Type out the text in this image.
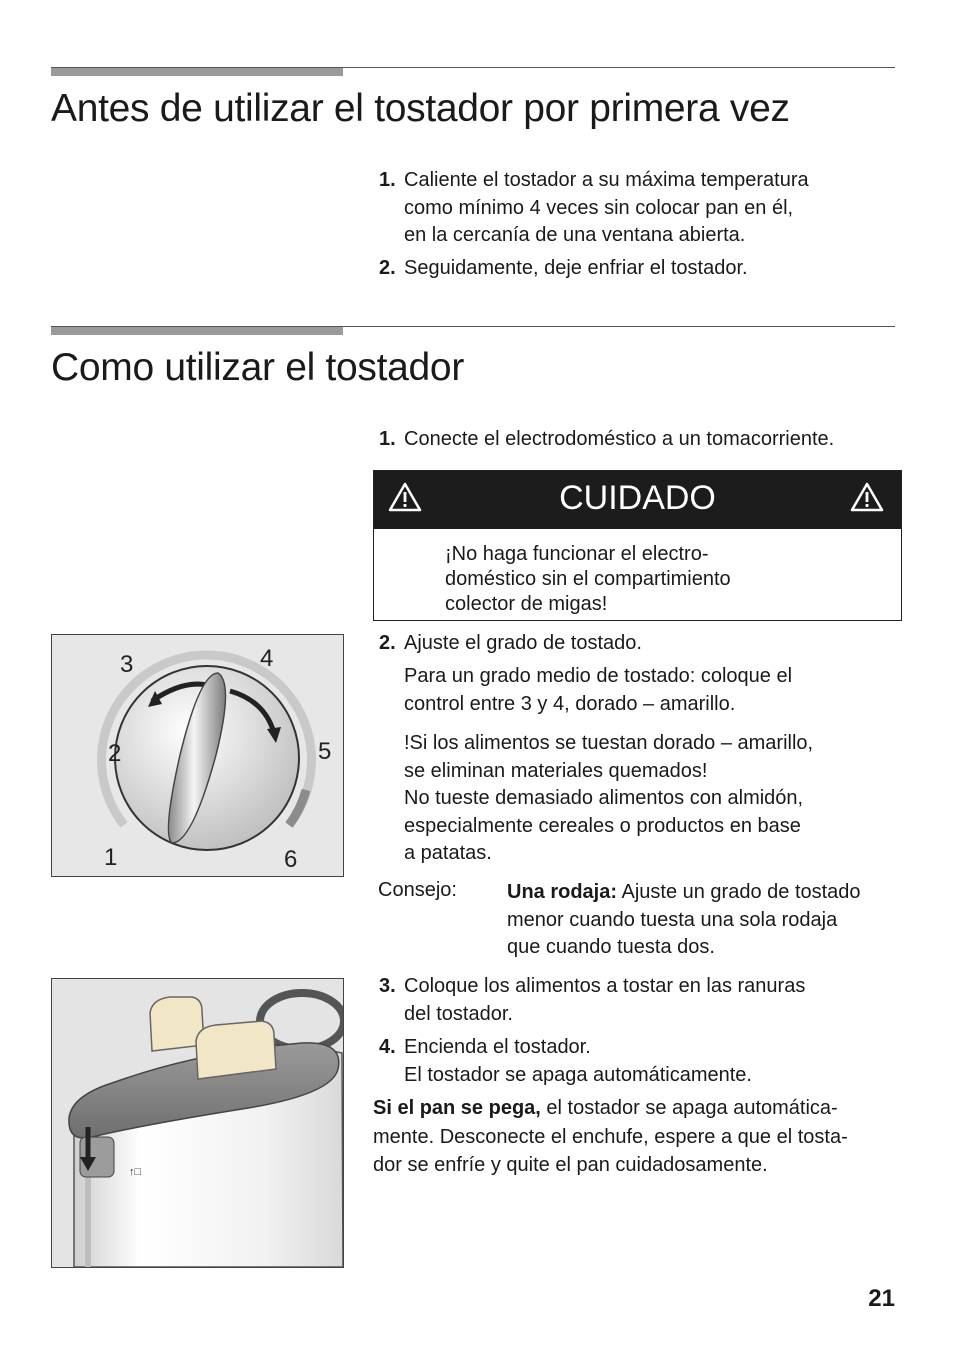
Antes de utilizar el tostador por primera vez
1. Caliente el tostador a su máxima temperatura
como mínimo 4 veces sin colocar pan en él,
en la cercanía de una ventana abierta.
2. Seguidamente, deje enfriar el tostador.
Como utilizar el tostador
1. Conecte el electrodoméstico a un tomacorriente.
CUIDADO
¡No haga funcionar el electro-
doméstico sin el compartimiento
colector de migas!
2
1
3	4
5
6
2. Ajuste el grado de tostado.
Para un grado medio de tostado: coloque el
control entre 3 y 4, dorado – amarillo.
!Si los alimentos se tuestan dorado – amarillo,
se eliminan materiales quemados!
No tueste demasiado alimentos con almidón,
especialmente cereales o productos en base
a patatas.
Consejo:	Una rodaja: Ajuste un grado de tostado
menor cuando tuesta una sola rodaja
que cuando tuesta dos.
↑□
3. Coloque los alimentos a tostar en las ranuras
del tostador.
4. Encienda el tostador.
El tostador se apaga automáticamente.
Si el pan se pega, el tostador se apaga automática-
mente. Desconecte el enchufe, espere a que el tosta-
dor se enfríe y quite el pan cuidadosamente.
21
